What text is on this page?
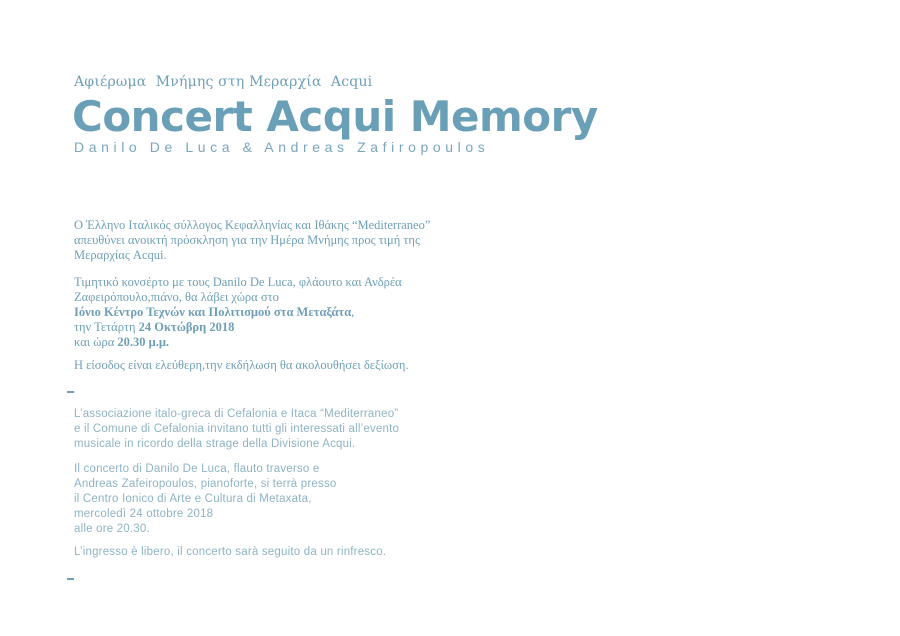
Αφιέρωμα  Μνήμης στη Μεραρχία  Acqui
Concert Acqui Memory
Danilo De Luca & Andreas Zafiropoulos
Ο Έλληνο Ιταλικός σύλλογος Κεφαλληνίας και Ιθάκης “Mediterraneo”
απευθύνει ανοικτή πρόσκληση για την Ημέρα Μνήμης προς τιμή της
Μεραρχίας Acqui.
Τιμητικό κονσέρτο με τους Danilo De Luca, φλάουτο και Ανδρέα
Ζαφειρόπουλο,πιάνο, θα λάβει χώρα στο
Ιόνιο Κέντρο Τεχνών και Πολιτισμού στα Μεταξάτα,
την Τετάρτη 24 Οκτώβρη 2018
και ώρα 20.30 μ.μ.
Η είσοδος είναι ελεύθερη,την εκδήλωση θα ακολουθήσει δεξίωση.
L’associazione italo-greca di Cefalonia e Itaca “Mediterraneo”
e il Comune di Cefalonia invitano tutti gli interessati all’evento
musicale in ricordo della strage della Divisione Acqui.
Il concerto di Danilo De Luca, flauto traverso e
Andreas Zafeiropoulos, pianoforte, si terrà presso
il Centro Ionico di Arte e Cultura di Metaxata,
mercoledì 24 ottobre 2018
alle ore 20.30.
L’ingresso è libero, il concerto sarà seguito da un rinfresco.
